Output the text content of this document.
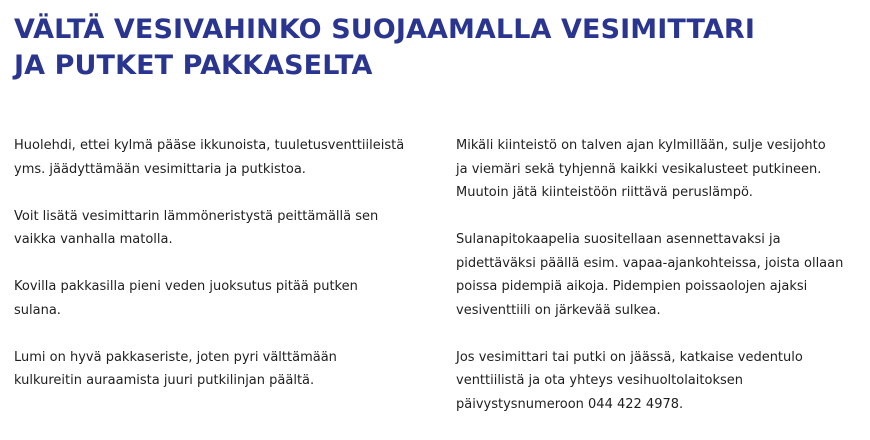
VÄLTÄ VESIVAHINKO SUOJAAMALLA VESIMITTARI
JA PUTKET PAKKASELTA

Huolehdi, ettei kylmä pääse ikkunoista, tuuletusventtiileistä
yms. jäädyttämään vesimittaria ja putkistoa.

Voit lisätä vesimittarin lämmöneristystä peittämällä sen
vaikka vanhalla matolla.

Kovilla pakkasilla pieni veden juoksutus pitää putken
sulana.

Lumi on hyvä pakkaseriste, joten pyri välttämään
kulkureitin auraamista juuri putkilinjan päältä.

Mikäli kiinteistö on talven ajan kylmillään, sulje vesijohto
ja viemäri sekä tyhjennä kaikki vesikalusteet putkineen.
Muutoin jätä kiinteistöön riittävä peruslämpö.

Sulanapitokaapelia suositellaan asennettavaksi ja
pidettäväksi päällä esim. vapaa-ajankohteissa, joista ollaan
poissa pidempiä aikoja. Pidempien poissaolojen ajaksi
vesiventtiili on järkevää sulkea.

Jos vesimittari tai putki on jäässä, katkaise vedentulo
venttiilistä ja ota yhteys vesihuoltolaitoksen
päivystysnumeroon 044 422 4978.
